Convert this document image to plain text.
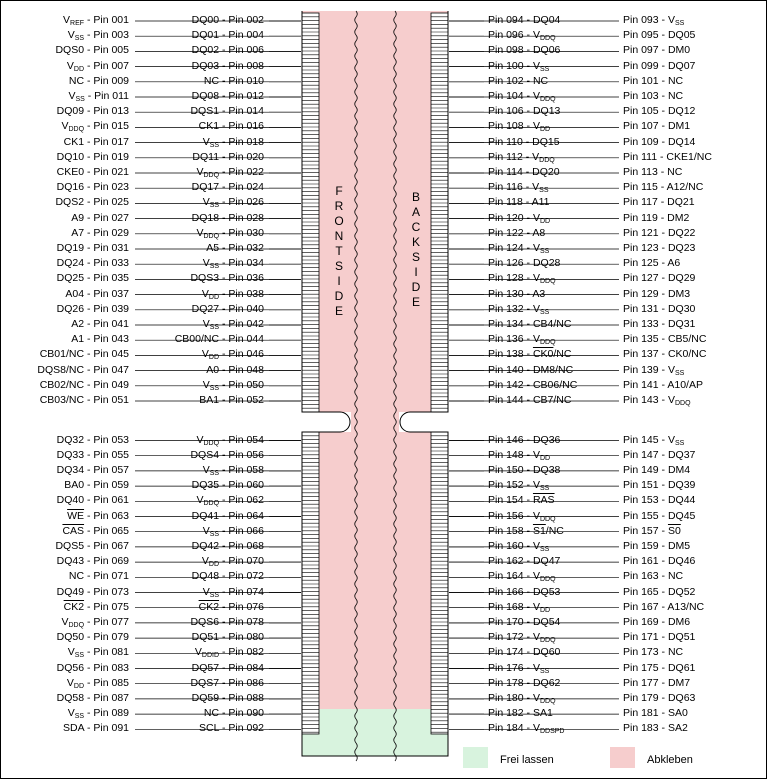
F
R
O
N
T
S
I
D
E
B
A
C
K
S
I
D
E
$V_{REF}$ - Pin 001
$V_{SS}$ - Pin 003
DQS0 - Pin 005
$V_{DD}$ - Pin 007
NC - Pin 009
$V_{SS}$ - Pin 011
DQ09 - Pin 013
$V_{DDQ}$ - Pin 015
CK1 - Pin 017
DQ10 - Pin 019
CKE0 - Pin 021
DQ16 - Pin 023
DQS2 - Pin 025
A9 - Pin 027
A7 - Pin 029
DQ19 - Pin 031
DQ24 - Pin 033
DQ25 - Pin 035
A04 - Pin 037
DQ26 - Pin 039
A2 - Pin 041
A1 - Pin 043
CB01/NC - Pin 045
DQS8/NC - Pin 047
CB02/NC - Pin 049
CB03/NC - Pin 051
DQ32 - Pin 053
DQ33 - Pin 055
DQ34 - Pin 057
BA0 - Pin 059
DQ40 - Pin 061
$\overline{WE}$ - Pin 063
$\overline{CAS}$ - Pin 065
DQS5 - Pin 067
DQ43 - Pin 069
NC - Pin 071
DQ49 - Pin 073
CK2 - Pin 075
$V_{DDQ}$ - Pin 077
DQ50 - Pin 079
$V_{SS}$ - Pin 081
DQ56 - Pin 083
$V_{DD}$ - Pin 085
DQ58 - Pin 087
$V_{SS}$ - Pin 089
SDA - Pin 091
DQ00 - Pin 002
DQ01 - Pin 004
DQ02 - Pin 006
DQ03 - Pin 008
NC - Pin 010
DQ08 - Pin 012
DQS1 - Pin 014
CK1 - Pin 016
$V_{SS}$ - Pin 018
DQ11 - Pin 020
$V_{DDQ}$ - Pin 022
DQ17 - Pin 024
$V_{SS}$ - Pin 026
DQ18 - Pin 028
$V_{DDQ}$ - Pin 030
A5 - Pin 032
$V_{SS}$ - Pin 034
DQS3 - Pin 036
$V_{DD}$ - Pin 038
DQ27 - Pin 040
$V_{SS}$ - Pin 042
CB00/NC - Pin 044
$V_{DD}$ - Pin 046
A0 - Pin 048
$V_{SS}$ - Pin 050
BA1 - Pin 052
$V_{DDQ}$ - Pin 054
DQS4 - Pin 056
$V_{SS}$ - Pin 058
DQ35 - Pin 060
$V_{DDQ}$ - Pin 062
DQ41 - Pin 064
$V_{SS}$ - Pin 066
DQ42 - Pin 068
$V_{DD}$ - Pin 070
DQ48 - Pin 072
$V_{SS}$ - Pin 074
CK2 - Pin 076
DQS6 - Pin 078
DQ51 - Pin 080
$V_{DDID}$ - Pin 082
DQ57 - Pin 084
DQS7 - Pin 086
DQ59 - Pin 088
NC - Pin 090
SCL - Pin 092
Pin 094 - DQ04
Pin $096 - V_{DDQ}$
Pin 098 - DQ06
Pin $100 - V_{SS}$
Pin 102 - NC
Pin $104 - V_{DDQ}$
Pin 106 - DQ13
Pin $108 - V_{DD}$
Pin 110 - DQ15
Pin $112 - V_{DDQ}$
Pin 114 - DQ20
Pin $116 - V_{SS}$
Pin 118 - A11
Pin $120 - V_{DD}$
Pin 122 - A8
Pin $124 - V_{SS}$
Pin 126 - DQ28
Pin $128 - V_{DDQ}$
Pin 130 - A3
Pin $132 - V_{SS}$
Pin 134 - CB4/NC
Pin $136 - V_{DDQ}$
Pin 138 - CK0/NC
Pin 140 - DM8/NC
Pin 142 - CB06/NC
Pin 144 - CB7/NC
Pin 146 - DQ36
Pin $148 - V_{DD}$
Pin 150 - DQ38
Pin $152 - V_{SS}$
Pin $154 - \overline{RAS}$
Pin $156 - V_{DDQ}$
Pin 158 - S1/NC
Pin $160 - V_{SS}$
Pin 162 - DQ47
Pin $164 - V_{DDQ}$
Pin 166 - DQ53
Pin $168 - V_{DD}$
Pin 170 - DQ54
Pin $172 - V_{DDQ}$
Pin 174 - DQ60
Pin $176 - V_{SS}$
Pin 178 - DQ62
Pin $180 - V_{DDQ}$
Pin 182 - SA1
Pin $184 - V_{DDSPD}$
Pin $093 - V_{SS}$
Pin 095 - DQ05
Pin 097 - DM0
Pin 099 - DQ07
Pin 101 - NC
Pin 103 - NC
Pin 105 - DQ12
Pin 107 - DM1
Pin 109 - DQ14
Pin 111 - CKE1/NC
Pin 113 - NC
Pin 115 - A12/NC
Pin 117 - DQ21
Pin 119 - DM2
Pin 121 - DQ22
Pin 123 - DQ23
Pin 125 - A6
Pin 127 - DQ29
Pin 129 - DM3
Pin 131 - DQ30
Pin 133 - DQ31
Pin 135 - CB5/NC
Pin 137 - CK0/NC
Pin $139 - V_{SS}$
Pin 141 - A10/AP
Pin $143 - V_{DDQ}$
Pin $145 - V_{SS}$
Pin 147 - DQ37
Pin 149 - DM4
Pin 151 - DQ39
Pin 153 - DQ44
Pin 155 - DQ45
Pin 157 - S0
Pin 159 - DM5
Pin 161 - DQ46
Pin 163 - NC
Pin 165 - DQ52
Pin 167 - A13/NC
Pin 169 - DM6
Pin 171 - DQ51
Pin 173 - NC
Pin 175 - DQ61
Pin 177 - DM7
Pin 179 - DQ63
Pin 181 - SA0
Pin 183 - SA2
Frei lassen	Abkleben
